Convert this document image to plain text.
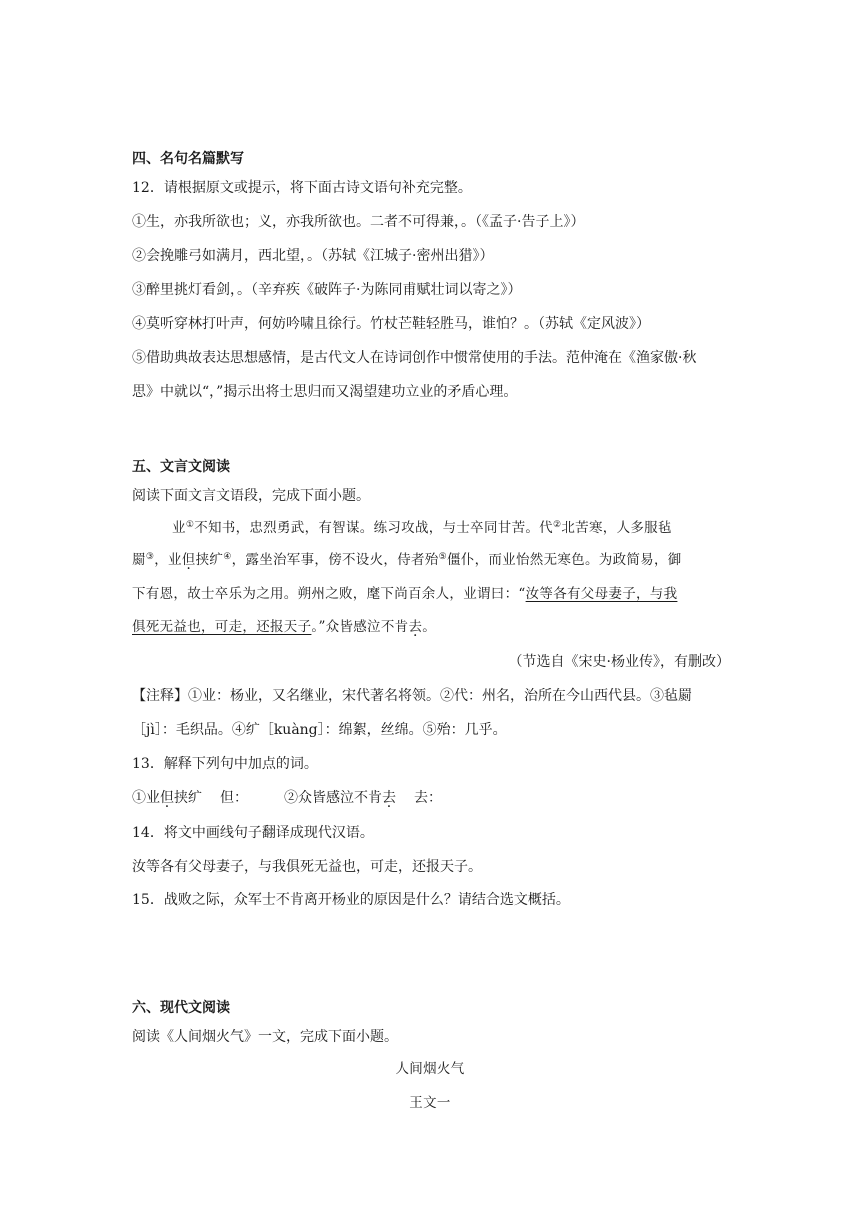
四、名句名篇默写
12．请根据原文或提示，将下面古诗文语句补充完整。
①生，亦我所欲也；义，亦我所欲也。二者不可得兼，。（《孟子·告子上》）
②会挽雕弓如满月，西北望，。（苏轼《江城子·密州出猎》）
③醉里挑灯看剑，。（辛弃疾《破阵子·为陈同甫赋壮词以寄之》）
④莫听穿林打叶声，何妨吟啸且徐行。竹杖芒鞋轻胜马，谁怕？。（苏轼《定风波》）
⑤借助典故表达思想感情，是古代文人在诗词创作中惯常使用的手法。范仲淹在《渔家傲·秋
思》中就以“，”揭示出将士思归而又渴望建功立业的矛盾心理。
五、文言文阅读
阅读下面文言文语段，完成下面小题。
业①不知书，忠烈勇武，有智谋。练习攻战，与士卒同甘苦。代②北苦寒，人多服毡
罽③，业但挟纩④，露坐治军事，傍不设火，侍者殆⑤僵仆，而业怡然无寒色。为政简易，御
下有恩，故士卒乐为之用。朔州之败，麾下尚百余人，业谓曰：“汝等各有父母妻子，与我
俱死无益也，可走，还报天子。”众皆感泣不肯去。
（节选自《宋史·杨业传》，有删改）
【注释】①业：杨业，又名继业，宋代著名将领。②代：州名，治所在今山西代县。③毡罽
［jì］：毛织品。④纩［kuàng］：绵絮，丝绵。⑤殆：几乎。
13．解释下列句中加点的词。
①业但挟纩 但：	②众皆感泣不肯去 去：
14．将文中画线句子翻译成现代汉语。
汝等各有父母妻子，与我俱死无益也，可走，还报天子。
15．战败之际，众军士不肯离开杨业的原因是什么？请结合选文概括。
六、现代文阅读
阅读《人间烟火气》一文，完成下面小题。
人间烟火气
王文一
